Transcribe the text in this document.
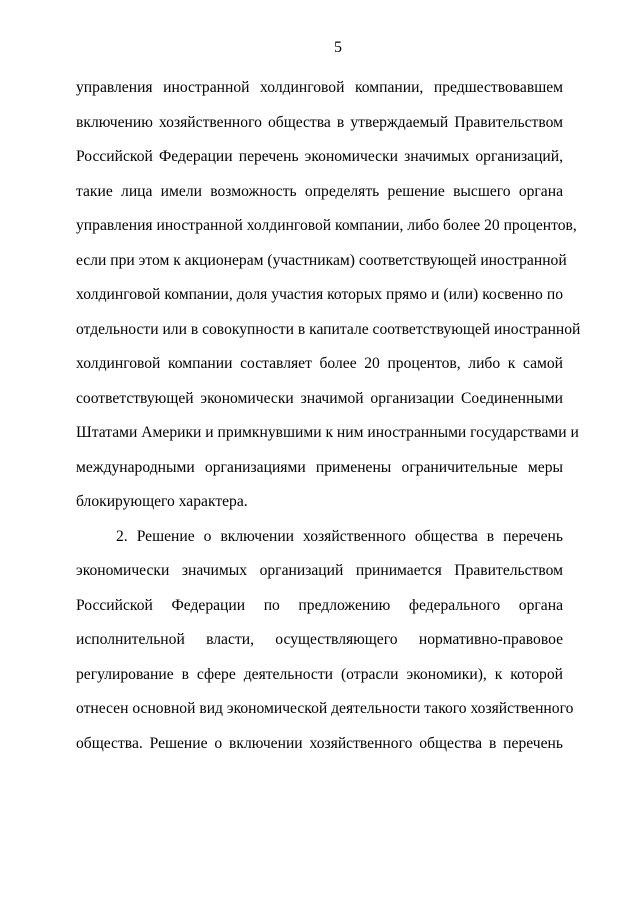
5
управления иностранной холдинговой компании, предшествовавшем
включению хозяйственного общества в утверждаемый Правительством
Российской Федерации перечень экономически значимых организаций,
такие лица имели возможность определять решение высшего органа
управления иностранной холдинговой компании, либо более 20 процентов,
если при этом к акционерам (участникам) соответствующей иностранной
холдинговой компании, доля участия которых прямо и (или) косвенно по
отдельности или в совокупности в капитале соответствующей иностранной
холдинговой компании составляет более 20 процентов, либо к самой
соответствующей экономически значимой организации Соединенными
Штатами Америки и примкнувшими к ним иностранными государствами и
международными организациями применены ограничительные меры
блокирующего характера.
2. Решение о включении хозяйственного общества в перечень
экономически значимых организаций принимается Правительством
Российской Федерации по предложению федерального органа
исполнительной власти, осуществляющего нормативно-правовое
регулирование в сфере деятельности (отрасли экономики), к которой
отнесен основной вид экономической деятельности такого хозяйственного
общества. Решение о включении хозяйственного общества в перечень
